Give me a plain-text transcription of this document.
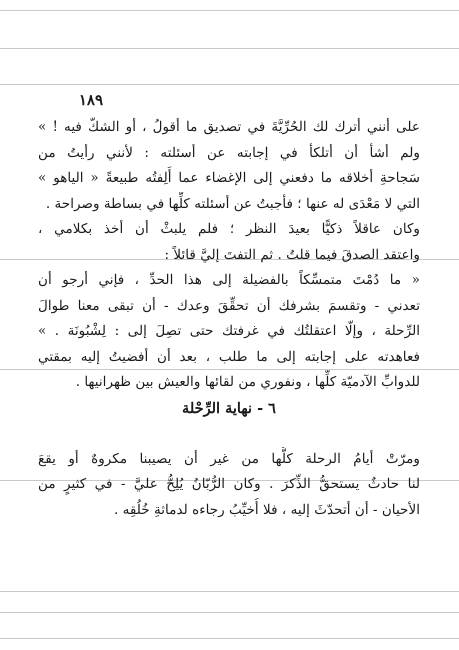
١٨٩
على أنني أترك لك الحُرِّيَّةَ في تصديق ما أقولُ ، أو الشكّ فيه ! »
ولم أشأ أن أتلكأ في إجابته عن أسئلته : لأنني رأيتُ من
سَجاحةِ أخلاقه ما دفعني إلى الإغضاء عما أَلِفتُه طبيعةً « الياهو »
التي لا مَعْدَى له عنها ؛ فأجبتُ عن أسئلته كلِّها في بساطة وصراحة .
وكان عاقلاً ذكيًّا بعيدَ النظر ؛ فلم يلبثْ أن أخذ بكلامي ،
واعتقد الصدقَ فيما قلتُ . ثم التفتَ إليَّ قائلاً :
« ما دُمْتَ متمسِّكاً بالفضيلة إلى هذا الحدِّ ، فإني أرجو أن
تعدني - وتقسمَ بشرفك أن تحقِّقَ وعدك - أن تبقى معنا طوالَ
الرِّحلة ، وإلّا اعتقلتُك في غرفتك حتى تصِلَ إلى : لِشْبُونَة . »
فعاهدته على إجابته إلى ما طلب ، بعد أن أفضيتُ إليه بمقتي
للدوابِّ الآدميّة كلِّها ، ونفوري من لقائها والعيش بين ظهرانيها .
٦ - نهاية الرِّحْلة
ومرّتْ أيامُ الرحلة كلُّها من غير أن يصيبنا مكروهٌ أو يقعَ
لنا حادثٌ يستحقُّ الذِّكرَ . وكان الرُّبّانُ يُلِحُّ عليَّ - في كثيرٍ من
الأحيان - أن أتحدّثَ إليه ، فلا أُخيِّبُ رجاءه لدماثةِ خُلُقِه .
